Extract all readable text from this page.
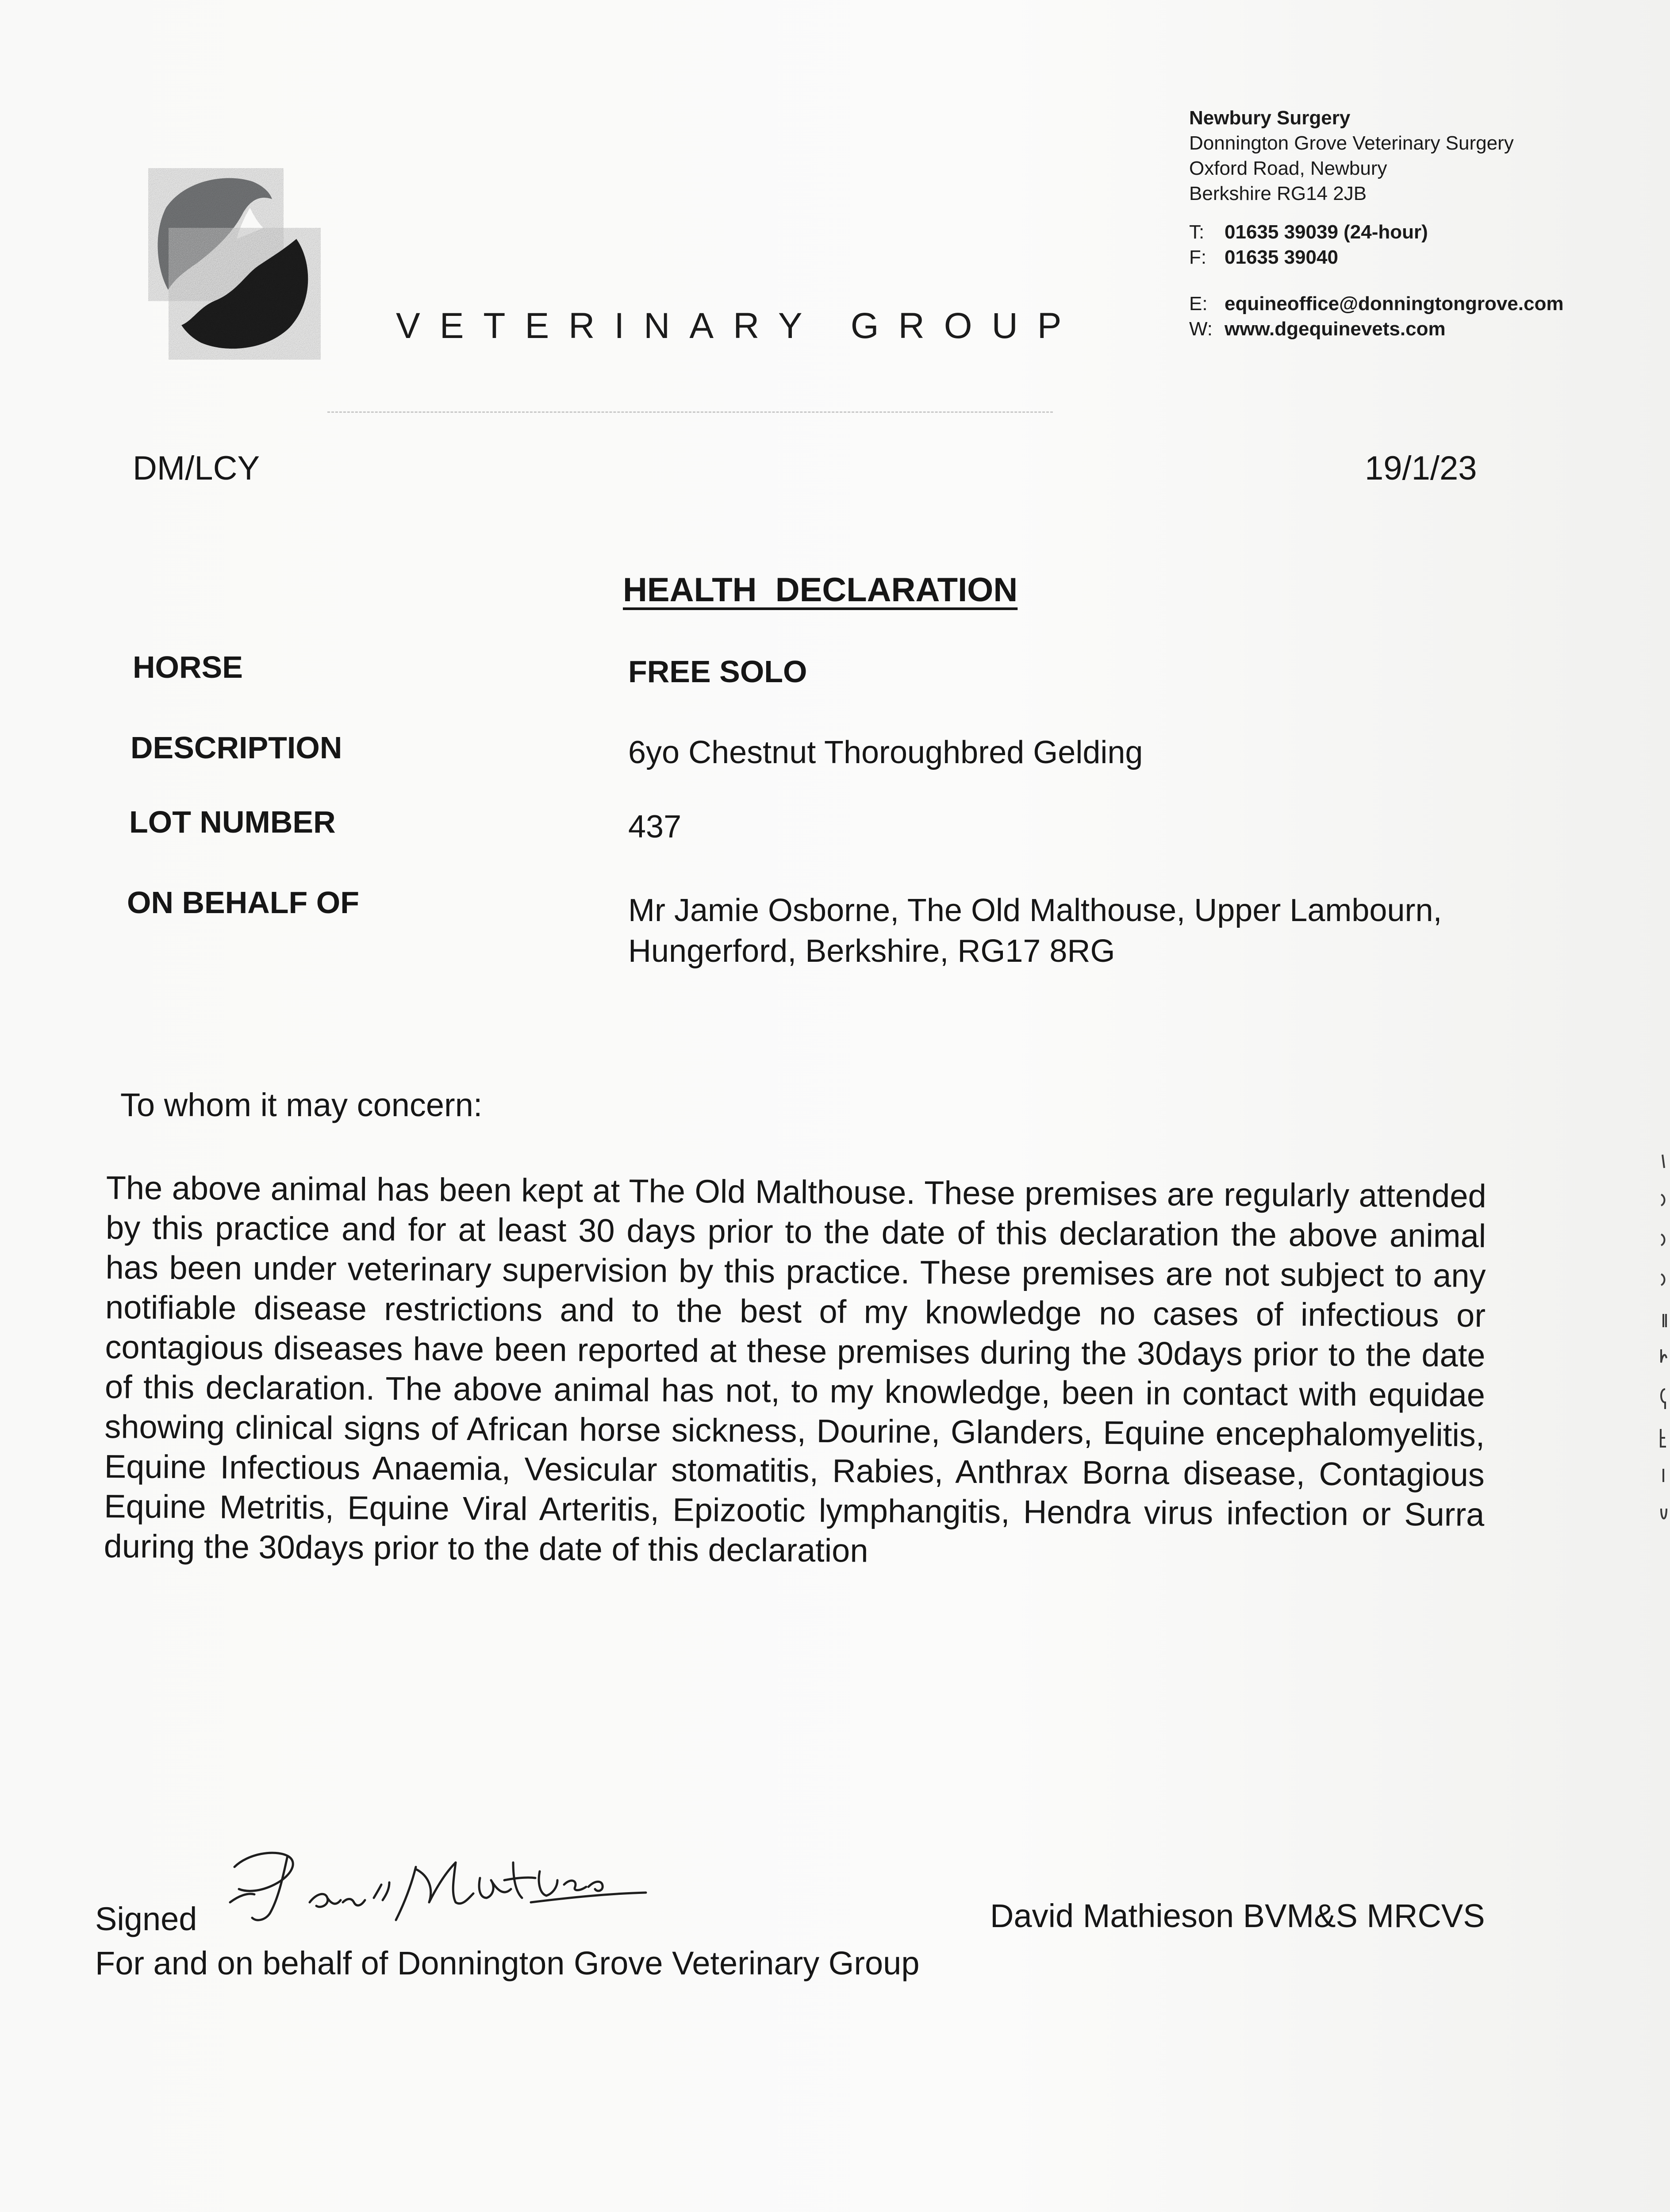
VETERINARY GROUP
Newbury Surgery
Donnington Grove Veterinary Surgery
Oxford Road, Newbury
Berkshire RG14 2JB
T:	01635 39039 (24-hour)
F: 01635 39040
E: equineoffice@donningtongrove.com
W: www.dgequinevets.com
DM/LCY	19/1/23
HEALTH  DECLARATION
HORSE	FREE SOLO
DESCRIPTION	6yo Chestnut Thoroughbred Gelding
LOT NUMBER	437
ON BEHALF OF	Mr Jamie Osborne, The Old Malthouse, Upper Lambourn,
Hungerford, Berkshire, RG17 8RG
To whom it may concern:
The above animal has been kept at The Old Malthouse. These premises are regularly attended by this practice and for at least 30 days prior to the date of this declaration the above animal has been under veterinary supervision by this practice. These premises are not subject to any notifiable disease restrictions and to the best of my knowledge no cases of infectious or contagious diseases have been reported at these premises during the 30days prior to the date of this declaration. The above animal has not, to my knowledge, been in contact with equidae showing clinical signs of African horse sickness, Dourine, Glanders, Equine encephalomyelitis, Equine Infectious Anaemia, Vesicular stomatitis, Rabies, Anthrax Borna disease, Contagious Equine Metritis, Equine Viral Arteritis, Epizootic lymphangitis, Hendra virus infection or Surra during the 30days prior to the date of this declaration
Signed
For and on behalf of Donnington Grove Veterinary Group
David Mathieson BVM&S MRCVS
